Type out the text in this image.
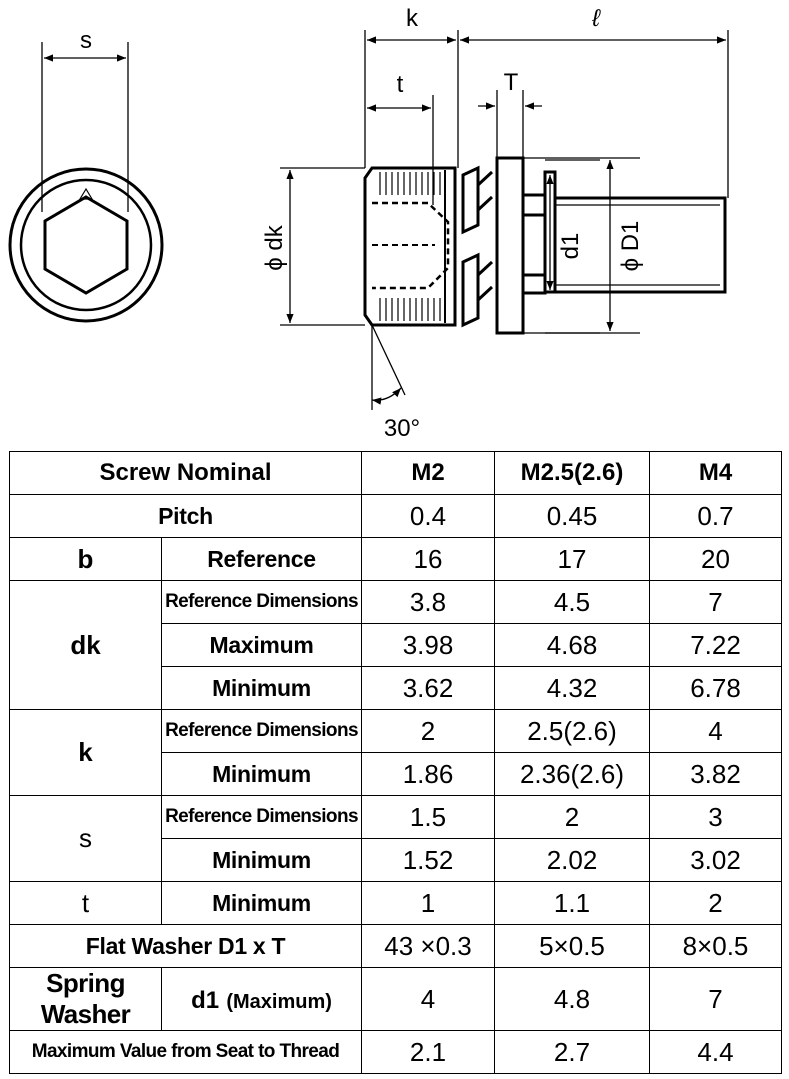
s
k	ℓ
t	T
ϕ dk	d1 ϕ D1
30°
Screw Nominal		M2	M2.5(2.6)	M4
Pitch		0.4	0.45	0.7
b	Reference	16	17	20
dk	Reference Dimensions	3.8	4.5	7
	Maximum	3.98	4.68	7.22
	Minimum	3.62	4.32	6.78
k	Reference Dimensions	2	2.5(2.6)	4
	Minimum	1.86	2.36(2.6)	3.82
s	Reference Dimensions	1.5	2	3
	Minimum	1.52	2.02	3.02
t	Minimum	1	1.1	2
Flat Washer D1 x T		43 ×0.3	5×0.5	8×0.5
Spring Washer	d1 (Maximum)	4	4.8	7
Maximum Value from Seat to Thread		2.1	2.7	4.4
